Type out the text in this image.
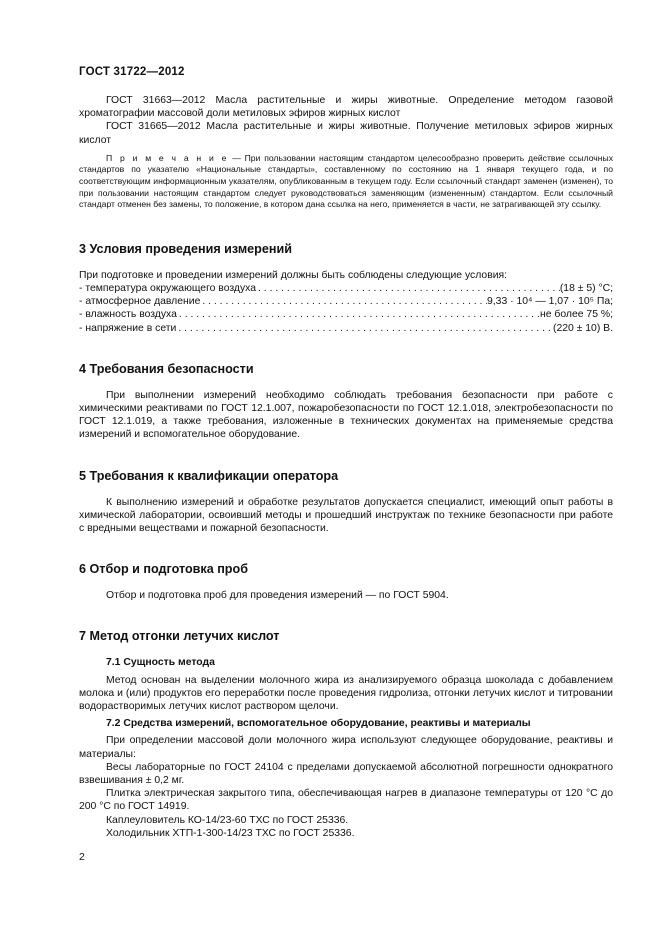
ГОСТ 31722—2012

ГОСТ 31663—2012 Масла растительные и жиры животные. Определение методом газовой хроматографии массовой доли метиловых эфиров жирных кислот

ГОСТ 31665—2012 Масла растительные и жиры животные. Получение метиловых эфиров жирных кислот

П р и м е ч а н и е — При пользовании настоящим стандартом целесообразно проверить действие ссылочных стандартов по указателю «Национальные стандарты», составленному по состоянию на 1 января текущего года, и по соответствующим информационным указателям, опубликованным в текущем году. Если ссылочный стандарт заменен (изменен), то при пользовании настоящим стандартом следует руководствоваться заменяющим (измененным) стандартом. Если ссылочный стандарт отменен без замены, то положение, в котором дана ссылка на него, применяется в части, не затрагивающей эту ссылку.

3 Условия проведения измерений

При подготовке и проведении измерений должны быть соблюдены следующие условия:

- температура окружающего воздуха . . .	(18 ± 5) °С;
- атмосферное давление . . .	9,33 · 10⁴ — 1,07 · 10⁵ Па;
- влажность воздуха . . .	не более 75 %;
- напряжение в сети . . .	(220 ± 10) В.
4 Требования безопасности

При выполнении измерений необходимо соблюдать требования безопасности при работе с химическими реактивами по ГОСТ 12.1.007, пожаробезопасности по ГОСТ 12.1.018, электробезопасности по ГОСТ 12.1.019, а также требования, изложенные в технических документах на применяемые средства измерений и вспомогательное оборудование.

5 Требования к квалификации оператора

К выполнению измерений и обработке результатов допускается специалист, имеющий опыт работы в химической лаборатории, освоивший методы и прошедший инструктаж по технике безопасности при работе с вредными веществами и пожарной безопасности.

6 Отбор и подготовка проб

Отбор и подготовка проб для проведения измерений — по ГОСТ 5904.

7 Метод отгонки летучих кислот
7.1 Сущность метода

Метод основан на выделении молочного жира из анализируемого образца шоколада с добавлением молока и (или) продуктов его переработки после проведения гидролиза, отгонки летучих кислот и титровании водорастворимых летучих кислот раствором щелочи.

7.2 Средства измерений, вспомогательное оборудование, реактивы и материалы

При определении массовой доли молочного жира используют следующее оборудование, реактивы и материалы:

Весы лабораторные по ГОСТ 24104 с пределами допускаемой абсолютной погрешности однократного взвешивания ± 0,2 мг.

Плитка электрическая закрытого типа, обеспечивающая нагрев в диапазоне температуры от 120 °С до 200 °С по ГОСТ 14919.

Каплеуловитель КО-14/23-60 ТХС по ГОСТ 25336.

Холодильник ХТП-1-300-14/23 ТХС по ГОСТ 25336.

2
